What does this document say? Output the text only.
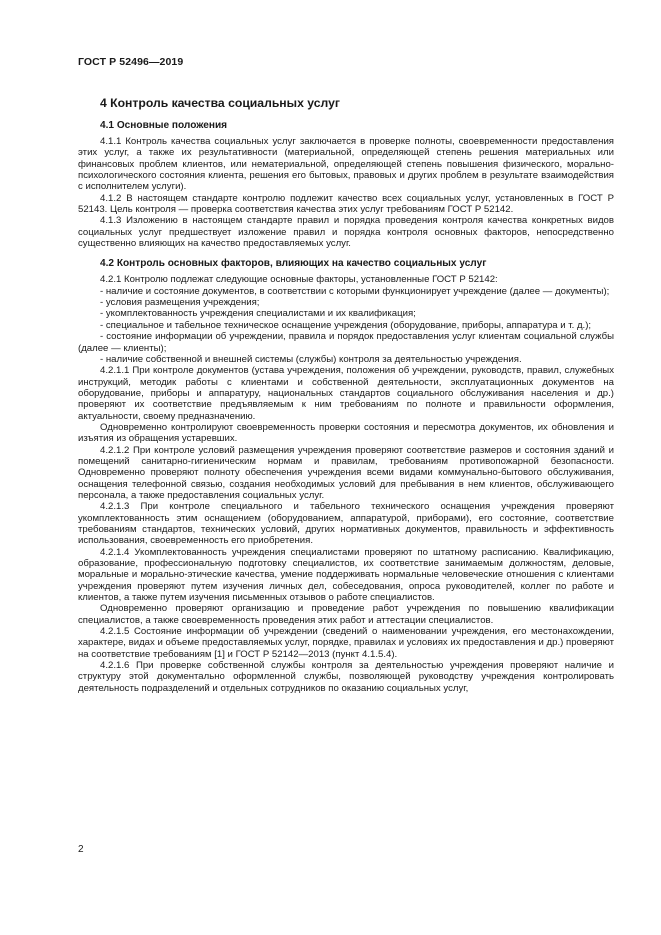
ГОСТ Р 52496—2019
4 Контроль качества социальных услуг
4.1 Основные положения

4.1.1 Контроль качества социальных услуг заключается в проверке полноты, своевременности предоставления этих услуг, а также их результативности (материальной, определяющей степень решения материальных или финансовых проблем клиентов, или нематериальной, определяющей степень повышения физического, морально-психологического состояния клиента, решения его бытовых, правовых и других проблем в результате взаимодействия с исполнителем услуги).

4.1.2 В настоящем стандарте контролю подлежит качество всех социальных услуг, установленных в ГОСТ Р 52143. Цель контроля — проверка соответствия качества этих услуг требованиям ГОСТ Р 52142.

4.1.3 Изложению в настоящем стандарте правил и порядка проведения контроля качества конкретных видов социальных услуг предшествует изложение правил и порядка контроля основных факторов, непосредственно существенно влияющих на качество предоставляемых услуг.

4.2 Контроль основных факторов, влияющих на качество социальных услуг

4.2.1 Контролю подлежат следующие основные факторы, установленные ГОСТ Р 52142:

- наличие и состояние документов, в соответствии с которыми функционирует учреждение (далее — документы);

- условия размещения учреждения;

- укомплектованность учреждения специалистами и их квалификация;

- специальное и табельное техническое оснащение учреждения (оборудование, приборы, аппаратура и т. д.);

- состояние информации об учреждении, правила и порядок предоставления услуг клиентам социальной службы (далее — клиенты);

- наличие собственной и внешней системы (службы) контроля за деятельностью учреждения.

4.2.1.1 При контроле документов (устава учреждения, положения об учреждении, руководств, правил, служебных инструкций, методик работы с клиентами и собственной деятельности, эксплуатационных документов на оборудование, приборы и аппаратуру, национальных стандартов социального обслуживания населения и др.) проверяют их соответствие предъявляемым к ним требованиям по полноте и правильности оформления, актуальности, своему предназначению.

Одновременно контролируют своевременность проверки состояния и пересмотра документов, их обновления и изъятия из обращения устаревших.

4.2.1.2 При контроле условий размещения учреждения проверяют соответствие размеров и состояния зданий и помещений санитарно-гигиеническим нормам и правилам, требованиям противопожарной безопасности. Одновременно проверяют полноту обеспечения учреждения всеми видами коммунально-бытового обслуживания, оснащения телефонной связью, создания необходимых условий для пребывания в нем клиентов, обслуживающего персонала, а также предоставления социальных услуг.

4.2.1.3 При контроле специального и табельного технического оснащения учреждения проверяют укомплектованность этим оснащением (оборудованием, аппаратурой, приборами), его состояние, соответствие требованиям стандартов, технических условий, других нормативных документов, правильность и эффективность использования, своевременность его приобретения.

4.2.1.4 Укомплектованность учреждения специалистами проверяют по штатному расписанию. Квалификацию, образование, профессиональную подготовку специалистов, их соответствие занимаемым должностям, деловые, моральные и морально-этические качества, умение поддерживать нормальные человеческие отношения с клиентами учреждения проверяют путем изучения личных дел, собеседования, опроса руководителей, коллег по работе и клиентов, а также путем изучения письменных отзывов о работе специалистов.

Одновременно проверяют организацию и проведение работ учреждения по повышению квалификации специалистов, а также своевременность проведения этих работ и аттестации специалистов.

4.2.1.5 Состояние информации об учреждении (сведений о наименовании учреждения, его местонахождении, характере, видах и объеме предоставляемых услуг, порядке, правилах и условиях их предоставления и др.) проверяют на соответствие требованиям [1] и ГОСТ Р 52142—2013 (пункт 4.1.5.4).

4.2.1.6 При проверке собственной службы контроля за деятельностью учреждения проверяют наличие и структуру этой документально оформленной службы, позволяющей руководству учреждения контролировать деятельность подразделений и отдельных сотрудников по оказанию социальных услуг,

2
